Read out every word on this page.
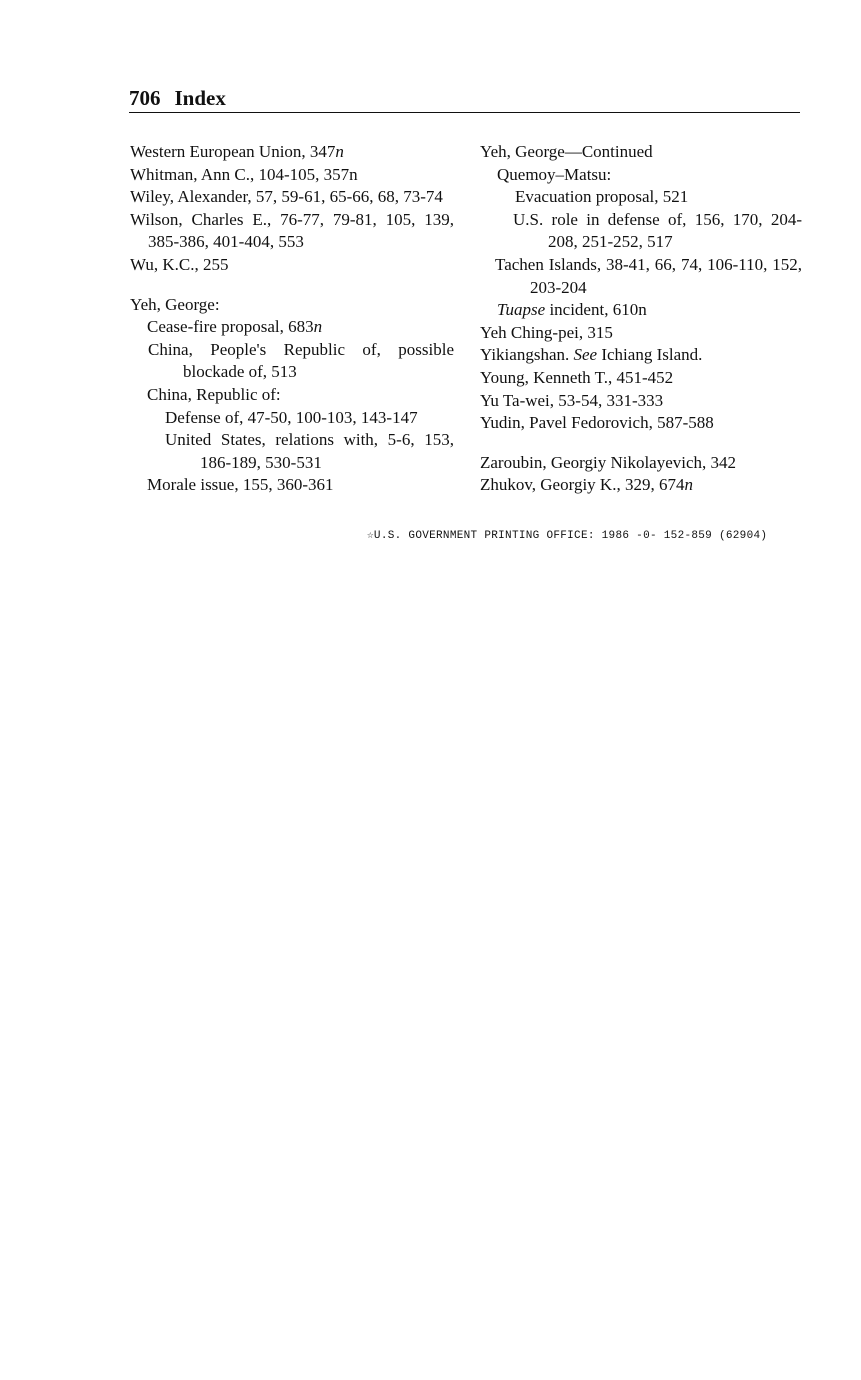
706 Index
Western European Union, 347n
Whitman, Ann C., 104-105, 357n
Wiley, Alexander, 57, 59-61, 65-66, 68, 73-74
Wilson, Charles E., 76-77, 79-81, 105, 139, 385-386, 401-404, 553
Wu, K.C., 255
Yeh, George:
Cease-fire proposal, 683n
China, People's Republic of, possible blockade of, 513
China, Republic of:
Defense of, 47-50, 100-103, 143-147
United States, relations with, 5-6, 153, 186-189, 530-531
Morale issue, 155, 360-361
Yeh, George—Continued
Quemoy–Matsu:
Evacuation proposal, 521
U.S. role in defense of, 156, 170, 204-208, 251-252, 517
Tachen Islands, 38-41, 66, 74, 106-110, 152, 203-204
Tuapse incident, 610n
Yeh Ching-pei, 315
Yikiangshan. See Ichiang Island.
Young, Kenneth T., 451-452
Yu Ta-wei, 53-54, 331-333
Yudin, Pavel Fedorovich, 587-588
Zaroubin, Georgiy Nikolayevich, 342
Zhukov, Georgiy K., 329, 674n
☆U.S. GOVERNMENT PRINTING OFFICE: 1986 -0- 152-859 (62904)
